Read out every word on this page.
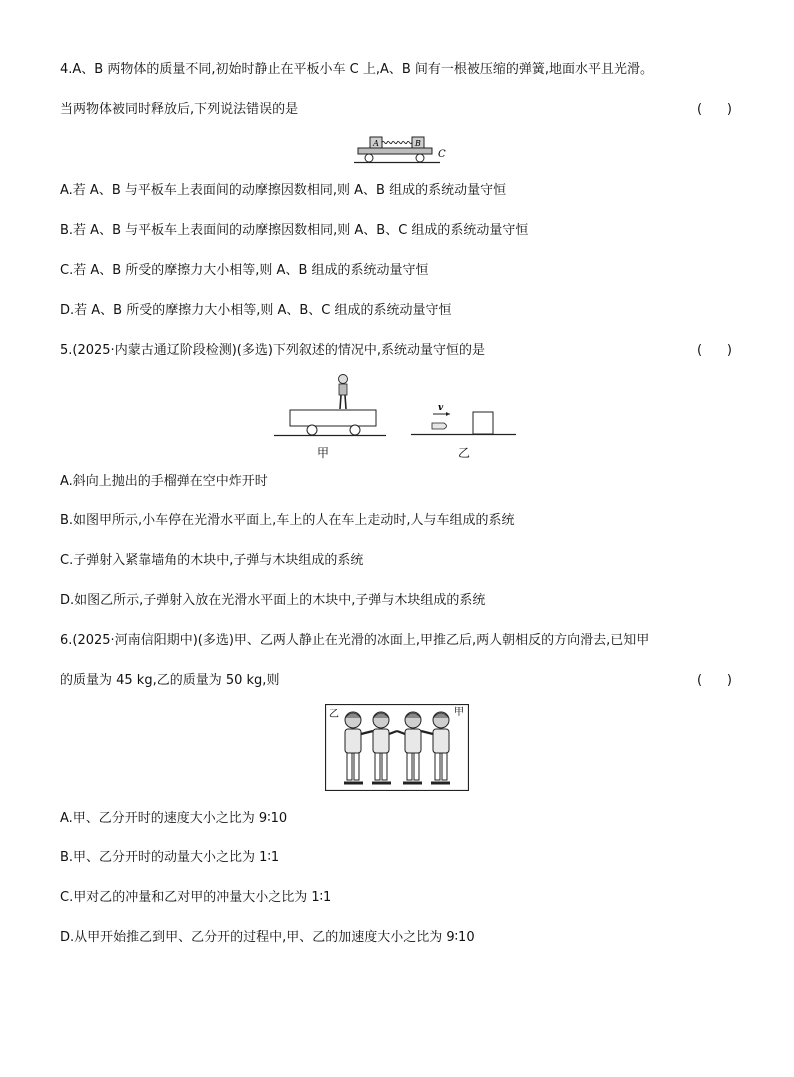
4.A、B 两物体的质量不同,初始时静止在平板小车 C 上,A、B 间有一根被压缩的弹簧,地面水平且光滑。
当两物体被同时释放后,下列说法错误的是	(      )
A	B
C
A.若 A、B 与平板车上表面间的动摩擦因数相同,则 A、B 组成的系统动量守恒
B.若 A、B 与平板车上表面间的动摩擦因数相同,则 A、B、C 组成的系统动量守恒
C.若 A、B 所受的摩擦力大小相等,则 A、B 组成的系统动量守恒
D.若 A、B 所受的摩擦力大小相等,则 A、B、C 组成的系统动量守恒
5.(2025·内蒙古通辽阶段检测)(多选)下列叙述的情况中,系统动量守恒的是	(      )
甲
v
乙
A.斜向上抛出的手榴弹在空中炸开时
B.如图甲所示,小车停在光滑水平面上,车上的人在车上走动时,人与车组成的系统
C.子弹射入紧靠墙角的木块中,子弹与木块组成的系统
D.如图乙所示,子弹射入放在光滑水平面上的木块中,子弹与木块组成的系统
6.(2025·河南信阳期中)(多选)甲、乙两人静止在光滑的冰面上,甲推乙后,两人朝相反的方向滑去,已知甲
的质量为 45 kg,乙的质量为 50 kg,则	(      )
乙	甲
A.甲、乙分开时的速度大小之比为 9∶10
B.甲、乙分开时的动量大小之比为 1∶1
C.甲对乙的冲量和乙对甲的冲量大小之比为 1∶1
D.从甲开始推乙到甲、乙分开的过程中,甲、乙的加速度大小之比为 9∶10
